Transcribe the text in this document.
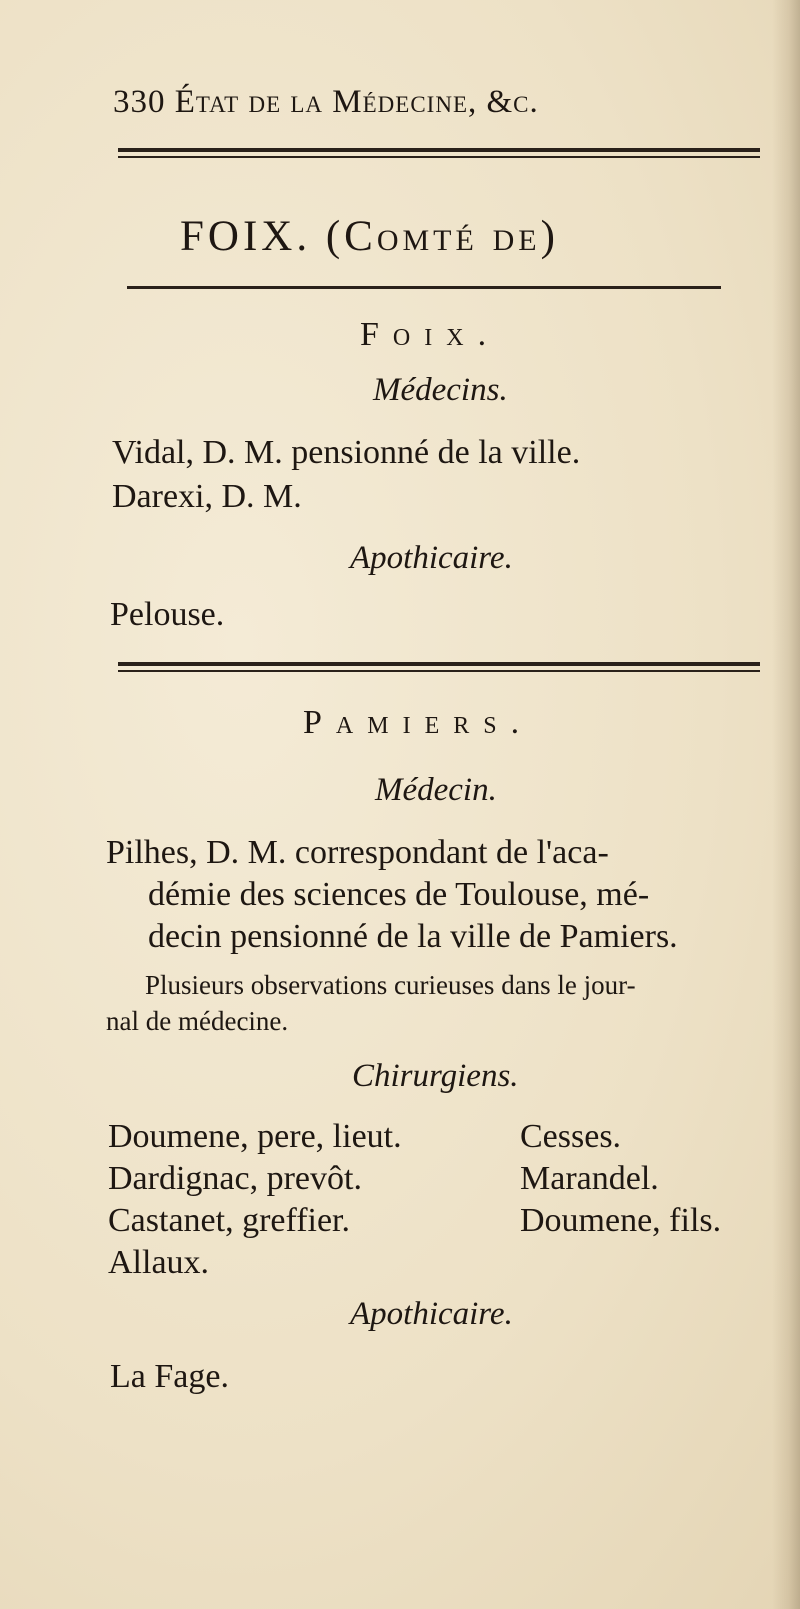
330 État de la Médecine, &c.
FOIX. (Comté de)
Foix.
Médecins.
Vidal, D. M. pensionné de la ville.
Darexi, D. M.
Apothicaire.
Pelouse.
Pamiers.
Médecin.
Pilhes, D. M. correspondant de l'aca-
démie des sciences de Toulouse, mé-
decin pensionné de la ville de Pamiers.
Plusieurs observations curieuses dans le jour-
nal de médecine.
Chirurgiens.
Doumene, pere, lieut.
Dardignac, prevôt.
Castanet, greffier.
Allaux.
Cesses.
Marandel.
Doumene, fils.
Apothicaire.
La Fage.
